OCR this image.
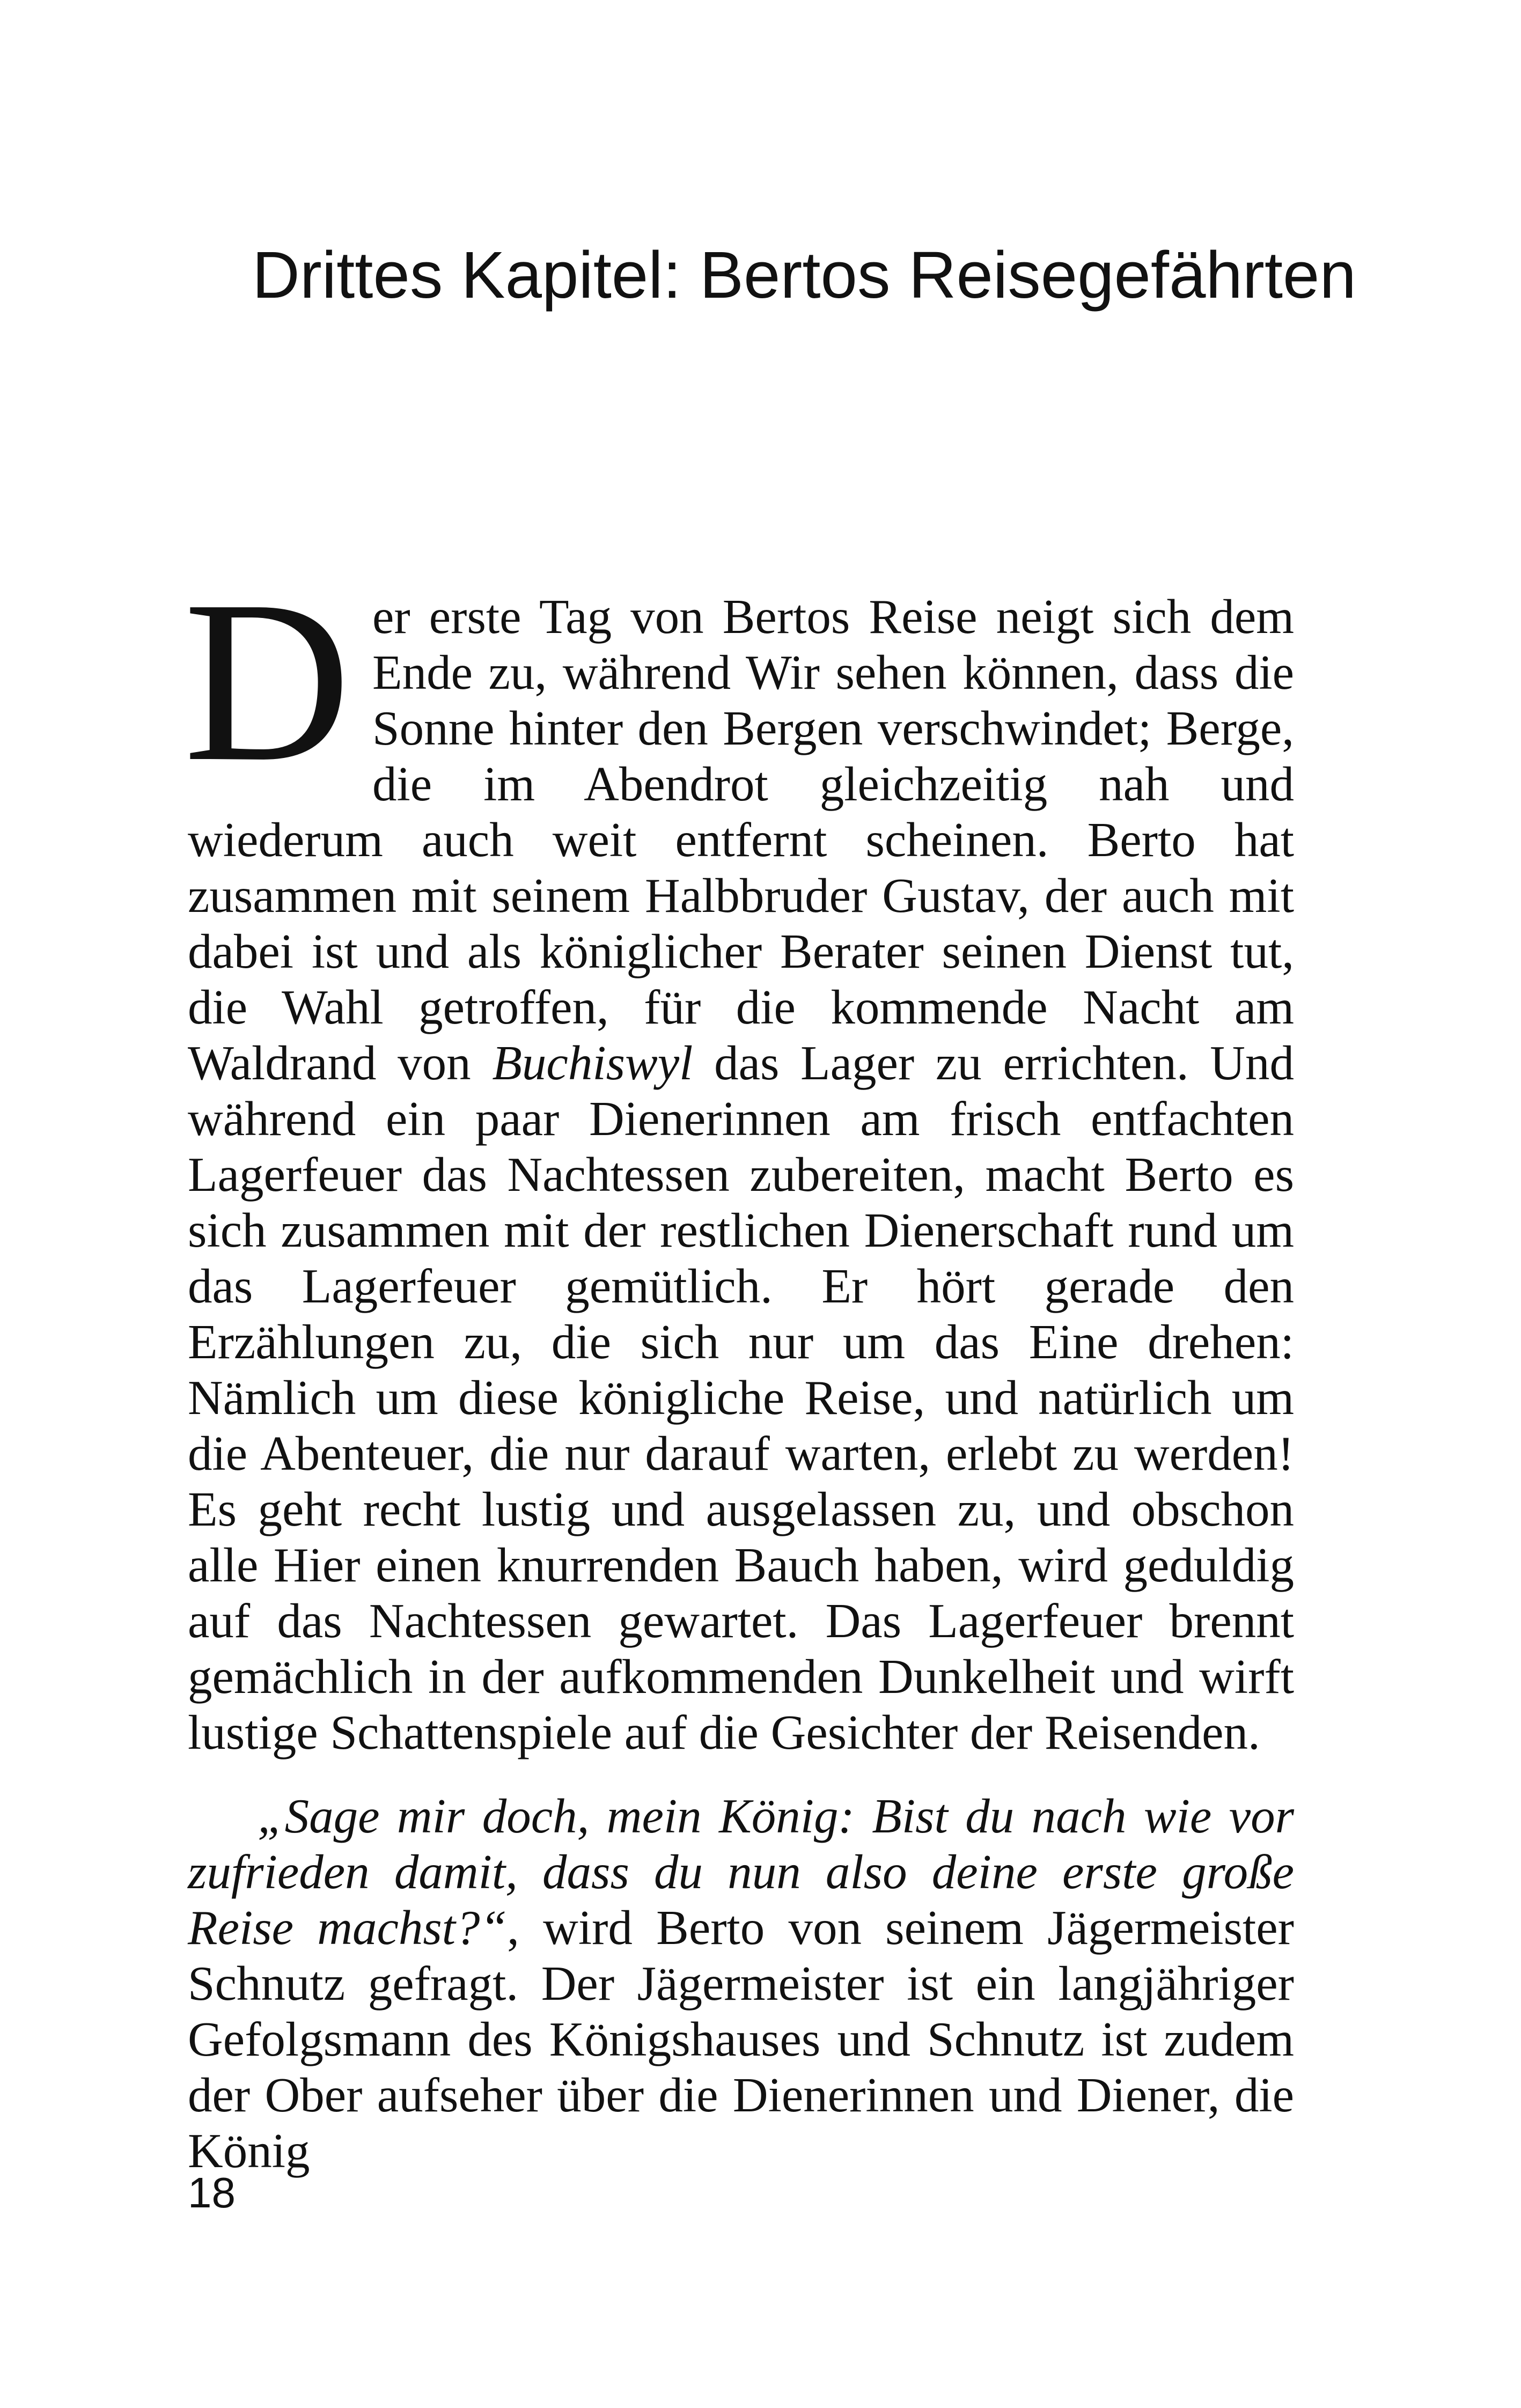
Drittes Kapitel: Bertos Reisegefährten

Der erste Tag von Bertos Reise neigt sich dem Ende zu, während Wir sehen können, dass die Sonne hinter den Bergen verschwindet; Berge, die im Abendrot gleichzeitig nah und wiederum auch weit entfernt scheinen. Berto hat zusammen mit seinem Halbbruder Gustav, der auch mit dabei ist und als königlicher Berater seinen Dienst tut, die Wahl getroffen, für die kommende Nacht am Waldrand von Buchiswyl das Lager zu errichten. Und während ein paar Dienerinnen am frisch entfachten Lagerfeuer das Nachtessen zubereiten, macht Berto es sich zusammen mit der restlichen Dienerschaft rund um das Lagerfeuer gemütlich. Er hört gerade den Erzählungen zu, die sich nur um das Eine drehen: Nämlich um diese königliche Reise, und natürlich um die Abenteuer, die nur darauf warten, erlebt zu werden! Es geht recht lustig und ausgelassen zu, und obschon alle Hier einen knurrenden Bauch haben, wird geduldig auf das Nachtessen gewartet. Das Lagerfeuer brennt gemächlich in der aufkommenden Dunkelheit und wirft lustige Schattenspiele auf die Gesichter der Reisenden.

„Sage mir doch, mein König: Bist du nach wie vor zufrieden damit, dass du nun also deine erste große Reise machst?“, wird Berto von seinem Jägermeister Schnutz gefragt. Der Jägermeister ist ein langjähriger Gefolgsmann des Königshauses und Schnutz ist zudem der Ober aufseher über die Dienerinnen und Diener, die König

18
